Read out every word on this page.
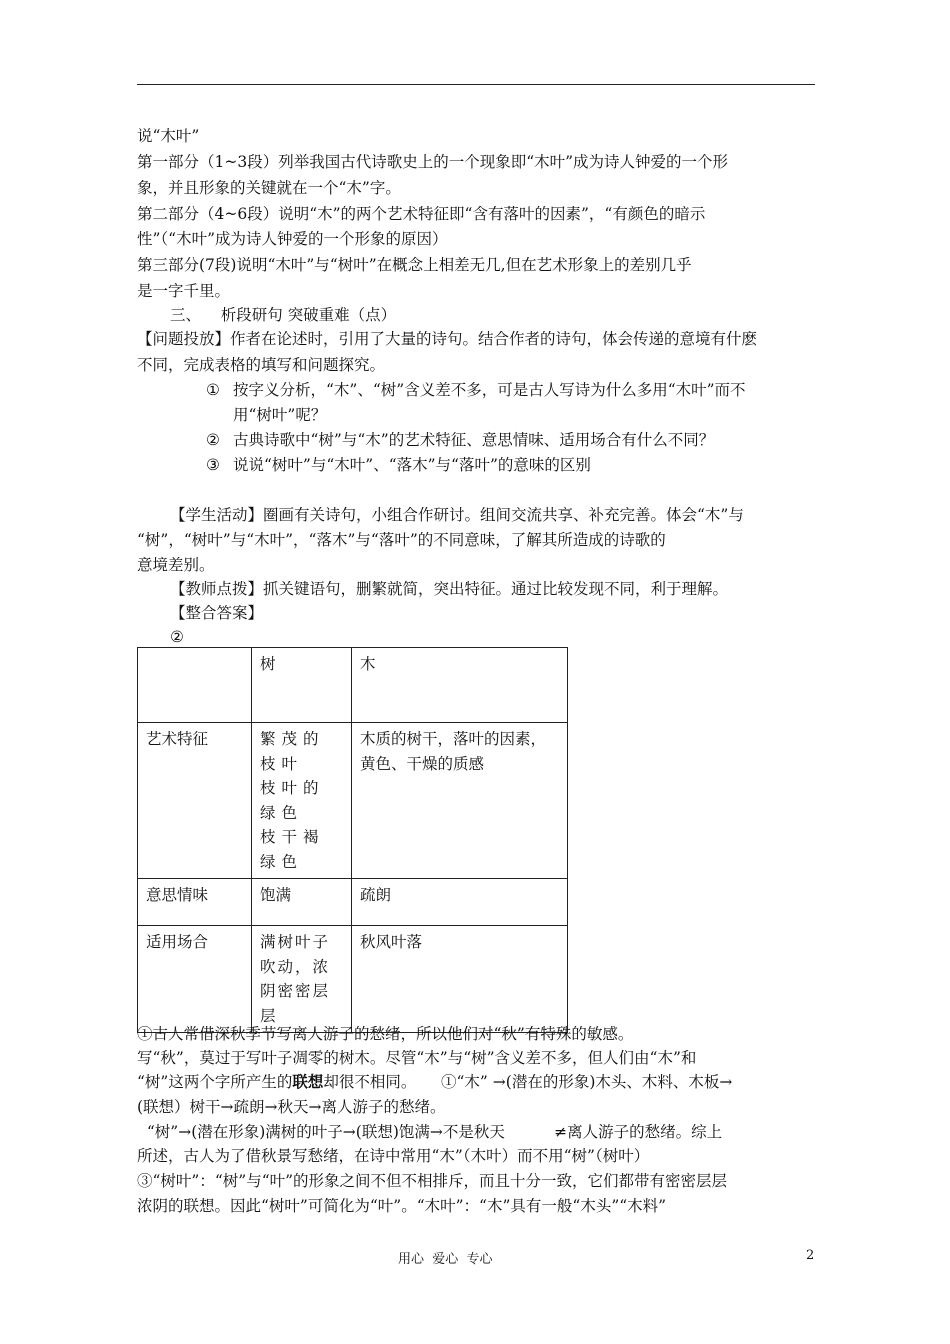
说“木叶”
第一部分（1~3段）列举我国古代诗歌史上的一个现象即“木叶”成为诗人钟爱的一个形
象，并且形象的关键就在一个“木”字。
第二部分（4~6段）说明“木”的两个艺术特征即“含有落叶的因素”，“有颜色的暗示
性”（“木叶”成为诗人钟爱的一个形象的原因）
第三部分(7段)说明“木叶”与“树叶”在概念上相差无几,但在艺术形象上的差别几乎
是一字千里。
三、    析段研句 突破重难（点）
【问题投放】作者在论述时，引用了大量的诗句。结合作者的诗句，体会传递的意境有什麽
不同，完成表格的填写和问题探究。
① 按字义分析，“木”、“树”含义差不多，可是古人写诗为什么多用“木叶”而不
用“树叶”呢？
② 古典诗歌中“树”与“木”的艺术特征、意思情味、适用场合有什么不同？
③ 说说“树叶”与“木叶”、“落木”与“落叶”的意味的区别
【学生活动】圈画有关诗句，小组合作研讨。组间交流共享、补充完善。体会“木”与
“树”，“树叶”与“木叶”，“落木”与“落叶”的不同意味，了解其所造成的诗歌的
意境差别。
【教师点拨】抓关键语句，删繁就简，突出特征。通过比较发现不同，利于理解。
【整合答案】
②
	树	木
艺术特征	繁茂的枝叶
枝叶的绿色
枝干褐绿色	木质的树干，落叶的因素，黄色、干燥的质感
意思情味	饱满	疏朗
适用场合	满树叶子吹动，浓阴密密层层	秋风叶落
①古人常借深秋季节写离人游子的愁绪，所以他们对“秋”有特殊的敏感。
写“秋”，莫过于写叶子凋零的树木。尽管“木”与“树”含义差不多，但人们由“木”和
“树”这两个字所产生的联想却很不相同。     ①“木” →(潜在的形象)木头、木料、木板→
(联想）树干→疏朗→秋天→离人游子的愁绪。
“树”→(潜在形象)满树的叶子→(联想)饱满→不是秋天          ≠离人游子的愁绪。综上
所述，古人为了借秋景写愁绪，在诗中常用“木”（木叶）而不用“树”（树叶）
③“树叶”：“树”与“叶”的形象之间不但不相排斥，而且十分一致，它们都带有密密层层
浓阴的联想。因此“树叶”可简化为“叶”。“木叶”：“木”具有一般“木头”“木料”
用心  爱心  专心	2
